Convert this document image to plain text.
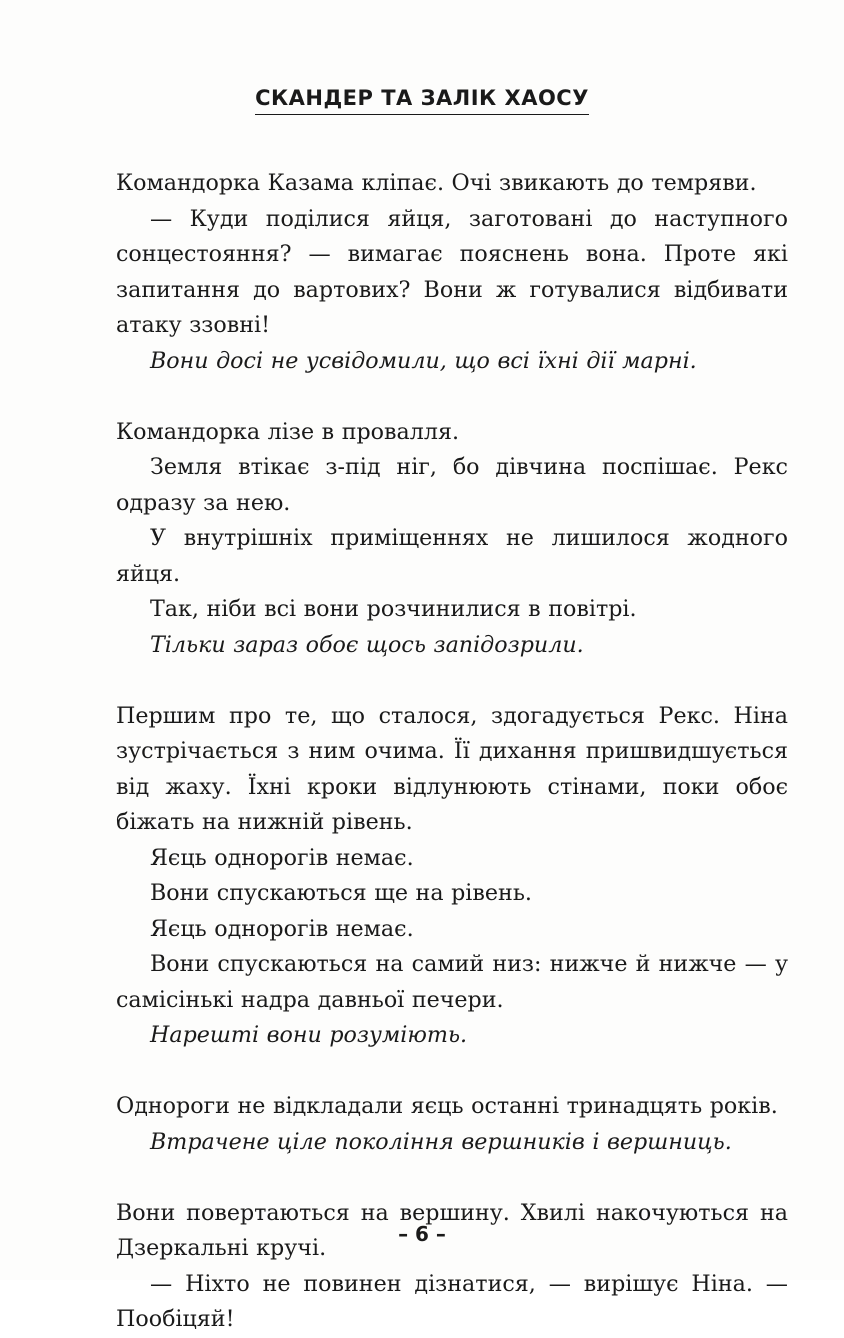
СКАНДЕР ТА ЗАЛІК ХАОСУ

Командорка Казама кліпає. Очі звикають до темряви.

— Куди поділися яйця, заготовані до наступного сонцестояння? — вимагає пояснень вона. Проте які запитання до вартових? Вони ж готувалися відбивати атаку ззовні!

Вони досі не усвідомили, що всі їхні дії марні.

Командорка лізе в провалля.

Земля втікає з-під ніг, бо дівчина поспішає. Рекс одразу за нею.

У внутрішніх приміщеннях не лишилося жодного яйця.

Так, ніби всі вони розчинилися в повітрі.

Тільки зараз обоє щось запідозрили.

Першим про те, що сталося, здогадується Рекс. Ніна зустрічається з ним очима. Її дихання пришвидшується від жаху. Їхні кроки відлунюють стінами, поки обоє біжать на нижній рівень.

Яєць однорогів немає.

Вони спускаються ще на рівень.

Яєць однорогів немає.

Вони спускаються на самий низ: нижче й нижче — у самісінькі надра давньої печери.

Нарешті вони розуміють.

Однороги не відкладали яєць останні тринадцять років.

Втрачене ціле покоління вершників і вершниць.

Вони повертаються на вершину. Хвилі накочуються на Дзеркальні кручі.

— Ніхто не повинен дізнатися, — вирішує Ніна. — Пообіцяй!

– 6 –
